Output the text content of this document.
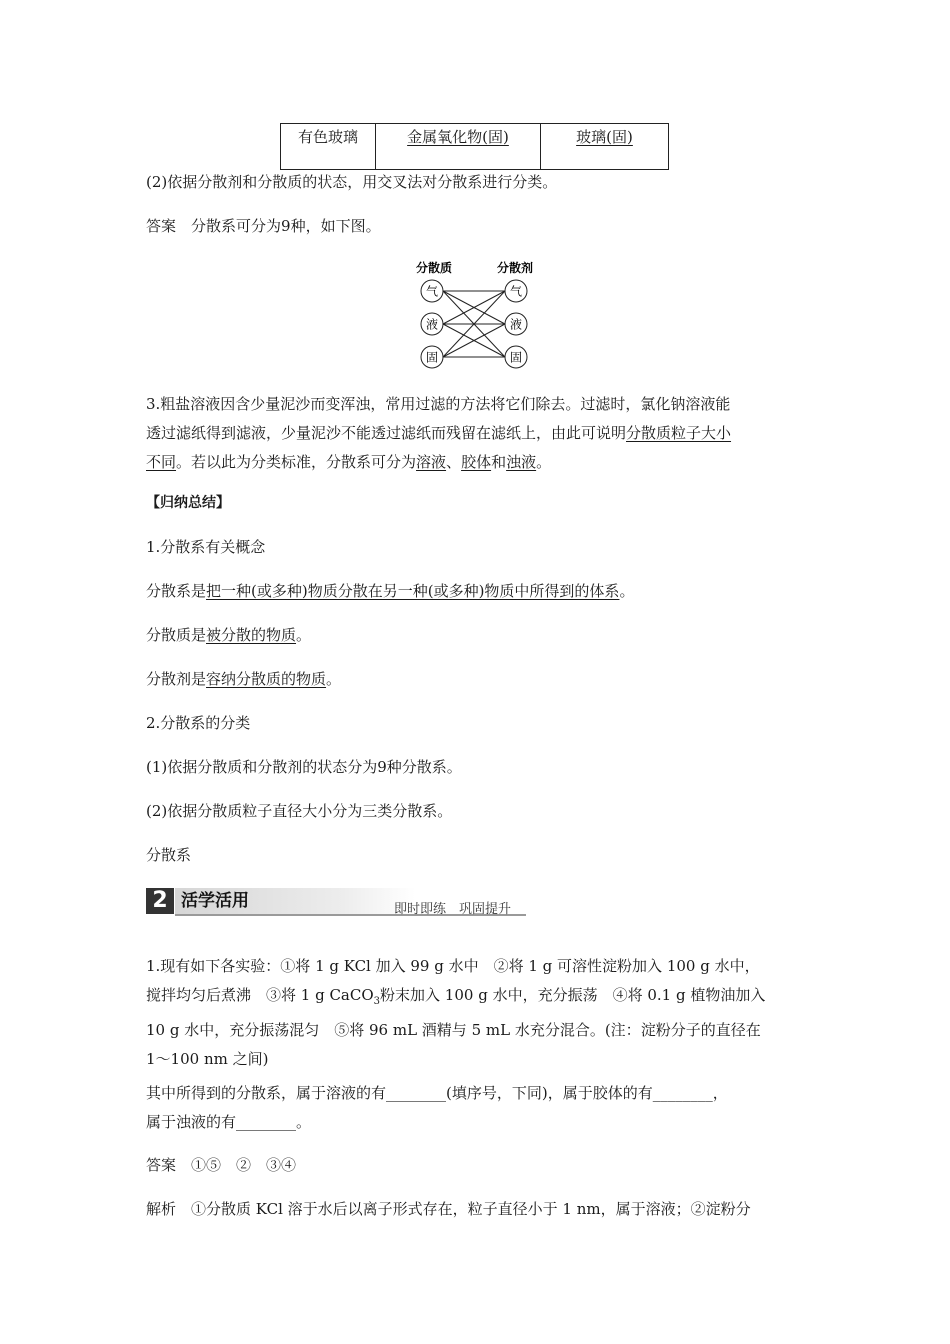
有色玻璃	金属氧化物(固)	玻璃(固)
(2)依据分散剂和分散质的状态，用交叉法对分散系进行分类。
答案　 分散系可分为9种，如下图。
分散质	分散剂
气
液
固
气
液
固
3.粗盐溶液因含少量泥沙而变浑浊，常用过滤的方法将它们除去。过滤时，氯化钠溶液能
透过滤纸得到滤液，少量泥沙不能透过滤纸而残留在滤纸上，由此可说明分散质粒子大小
不同。若以此为分类标准，分散系可分为溶液、胶体和浊液。
【归纳总结】
1.分散系有关概念
分散系是把一种(或多种)物质分散在另一种(或多种)物质中所得到的体系。
分散质是被分散的物质。
分散剂是容纳分散质的物质。
2.分散系的分类
(1)依据分散质和分散剂的状态分为9种分散系。
(2)依据分散质粒子直径大小分为三类分散系。
分散系
2 活学活用	即时即练　巩固提升
1.现有如下各实验：①将 1 g KCl 加入 99 g 水中　②将 1 g 可溶性淀粉加入 100 g 水中，
搅拌均匀后煮沸　③将 1 g CaCO$_3$粉末加入 100 g 水中，充分振荡　④将 0.1 g 植物油加入
10 g 水中，充分振荡混匀　⑤将 96 mL 酒精与 5 mL 水充分混合。(注：淀粉分子的直径在
1～100 nm 之间)
其中所得到的分散系，属于溶液的有________(填序号，下同)，属于胶体的有________，
属于浊液的有________。
答案　 ①⑤　②　③④
解析　 ①分散质 KCl 溶于水后以离子形式存在，粒子直径小于 1 nm，属于溶液；②淀粉分
